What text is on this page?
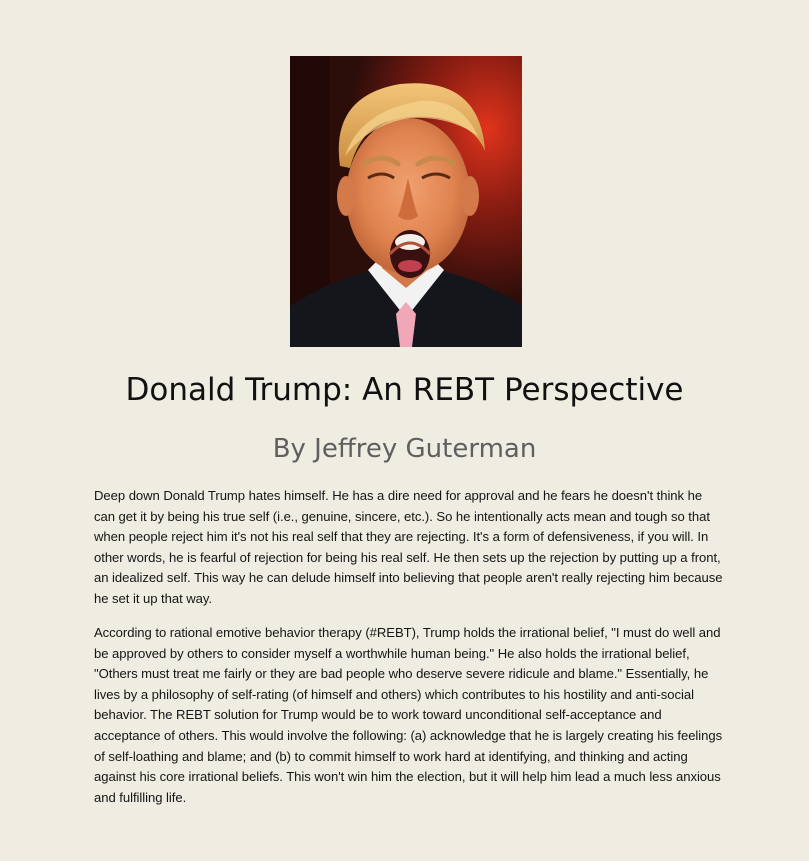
Donald Trump: An REBT Perspective
By Jeffrey Guterman

Deep down Donald Trump hates himself. He has a dire need for approval and he fears he doesn't think he can get it by being his true self (i.e., genuine, sincere, etc.). So he intentionally acts mean and tough so that when people reject him it's not his real self that they are rejecting. It's a form of defensiveness, if you will. In other words, he is fearful of rejection for being his real self. He then sets up the rejection by putting up a front, an idealized self. This way he can delude himself into believing that people aren't really rejecting him because he set it up that way.

According to rational emotive behavior therapy (#REBT), Trump holds the irrational belief, "I must do well and be approved by others to consider myself a worthwhile human being." He also holds the irrational belief, "Others must treat me fairly or they are bad people who deserve severe ridicule and blame." Essentially, he lives by a philosophy of self-rating (of himself and others) which contributes to his hostility and anti-social behavior. The REBT solution for Trump would be to work toward unconditional self-acceptance and acceptance of others. This would involve the following: (a) acknowledge that he is largely creating his feelings of self-loathing and blame; and (b) to commit himself to work hard at identifying, and thinking and acting against his core irrational beliefs. This won't win him the election, but it will help him lead a much less anxious and fulfilling life.
